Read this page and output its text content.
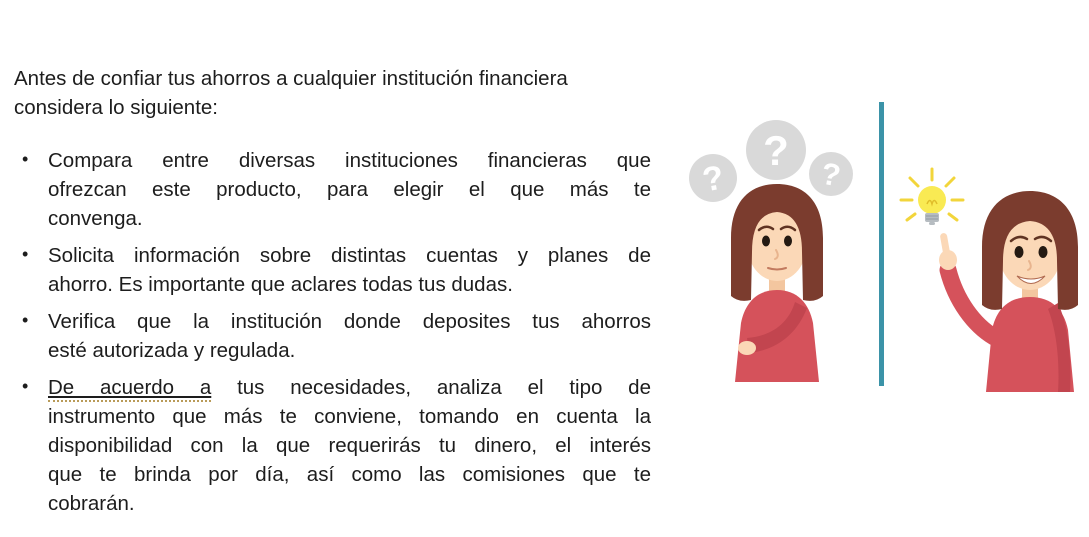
Antes de confiar tus ahorros a cualquier institución financiera
considera lo siguiente:

• Compara entre diversas instituciones financieras que
ofrezcan este producto, para elegir el que más te
convenga.
• Solicita información sobre distintas cuentas y planes de
ahorro. Es importante que aclares todas tus dudas.
• Verifica que la institución donde deposites tus ahorros
esté autorizada y regulada.
• De acuerdo a tus necesidades, analiza el tipo de
instrumento que más te conviene, tomando en cuenta la
disponibilidad con la que requerirás tu dinero, el interés
que te brinda por día, así como las comisiones que te
cobrarán.
?
?
?
